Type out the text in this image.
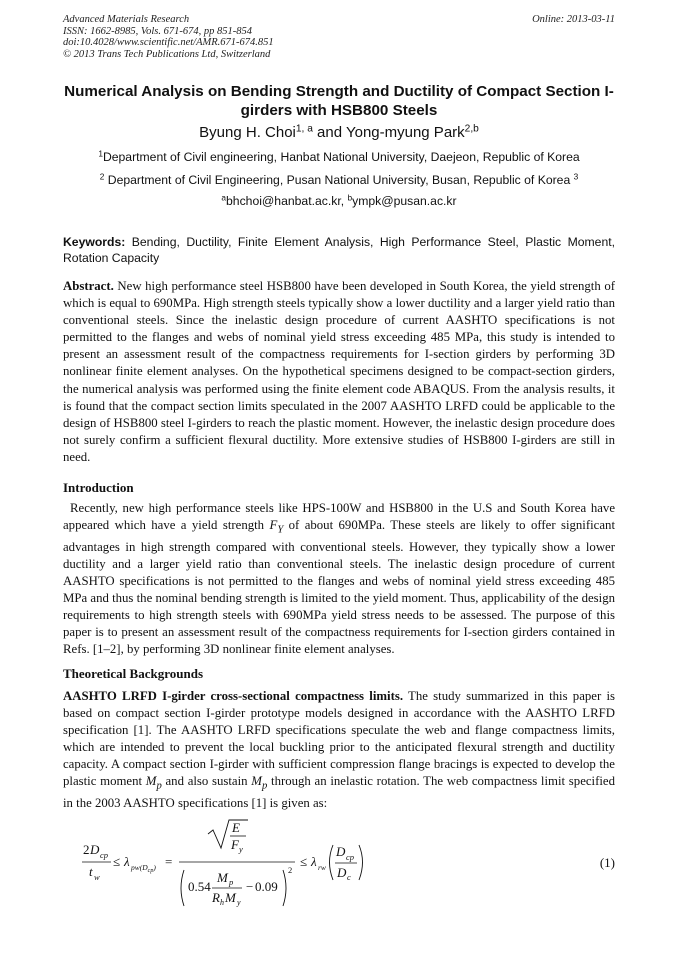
Advanced Materials Research
ISSN: 1662-8985, Vols. 671-674, pp 851-854
doi:10.4028/www.scientific.net/AMR.671-674.851
© 2013 Trans Tech Publications Ltd, Switzerland
Online: 2013-03-11
Numerical Analysis on Bending Strength and Ductility of Compact Section I-girders with HSB800 Steels
Byung H. Choi$^{1, a}$ and Yong-myung Park$^{2,b}$
$^1$Department of Civil engineering, Hanbat National University, Daejeon, Republic of Korea
$^2$ Department of Civil Engineering, Pusan National University, Busan, Republic of Korea $^3$
$^a$bhchoi@hanbat.ac.kr, $^b$ympk@pusan.ac.kr
Keywords: Bending, Ductility, Finite Element Analysis, High Performance Steel, Plastic Moment, Rotation Capacity
Abstract. New high performance steel HSB800 have been developed in South Korea, the yield strength of which is equal to 690MPa. High strength steels typically show a lower ductility and a larger yield ratio than conventional steels. Since the inelastic design procedure of current AASHTO specifications is not permitted to the flanges and webs of nominal yield stress exceeding 485 MPa, this study is intended to present an assessment result of the compactness requirements for I-section girders by performing 3D nonlinear finite element analyses. On the hypothetical specimens designed to be compact-section girders, the numerical analysis was performed using the finite element code ABAQUS. From the analysis results, it is found that the compact section limits speculated in the 2007 AASHTO LRFD could be applicable to the design of HSB800 steel I-girders to reach the plastic moment. However, the inelastic design procedure does not surely confirm a sufficient flexural ductility. More extensive studies of HSB800 I-girders are still in need.
Introduction
Recently, new high performance steels like HPS-100W and HSB800 in the U.S and South Korea have appeared which have a yield strength $F_Y$ of about 690MPa. These steels are likely to offer significant advantages in high strength compared with conventional steels. However, they typically show a lower ductility and a larger yield ratio than conventional steels. The inelastic design procedure of current AASHTO specifications is not permitted to the flanges and webs of nominal yield stress exceeding 485 MPa and thus the nominal bending strength is limited to the yield moment. Thus, applicability of the design requirements to high strength steels with 690MPa yield stress needs to be assessed. The purpose of this paper is to present an assessment result of the compactness requirements for I-section girders contained in Refs. [1–2], by performing 3D nonlinear finite element analyses.
Theoretical Backgrounds
AASHTO LRFD I-girder cross-sectional compactness limits. The study summarized in this paper is based on compact section I-girder prototype models designed in accordance with the AASHTO LRFD specification [1]. The AASHTO LRFD specifications speculate the web and flange compactness limits, which are intended to prevent the local buckling prior to the anticipated flexural strength and ductility capacity. A compact section I-girder with sufficient compression flange bracings is expected to develop the plastic moment $M_p$ and also sustain $M_p$ through an inelastic rotation. The web compactness limit specified in the 2003 AASHTO specifications [1] is given as:
2 D cp
t w
≤ λ $pw(D_{cp})$ =
E
F y
0.54
M p
R h M y
− 0.09
2
≤ λ rw
D cp
D c
(1)
